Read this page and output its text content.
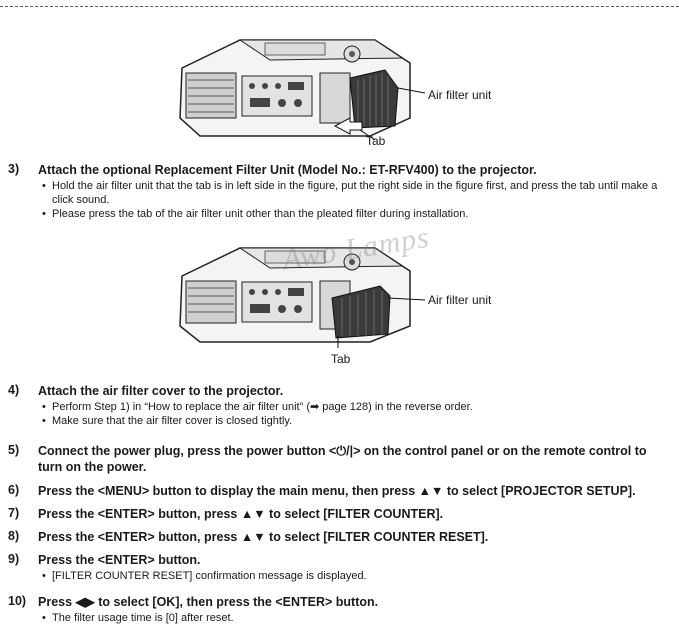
Air filter unit
Tab
3) Attach the optional Replacement Filter Unit (Model No.: ET-RFV400) to the projector.
• Hold the air filter unit that the tab is in left side in the figure, put the right side in the figure first, and press the tab until make a click sound.
• Please press the tab of the air filter unit other than the pleated filter during installation.
Air filter unit
Tab
Awo Lamps
4) Attach the air filter cover to the projector.
• Perform Step 1) in “How to replace the air filter unit” (➡ page 128) in the reverse order.
• Make sure that the air filter cover is closed tightly.
5) Connect the power plug, press the power button <⏻/|> on the control panel or on the remote control to turn on the power.
6) Press the <MENU> button to display the main menu, then press ▲▼ to select [PROJECTOR SETUP].
7) Press the <ENTER> button, press ▲▼ to select [FILTER COUNTER].
8) Press the <ENTER> button, press ▲▼ to select [FILTER COUNTER RESET].
9) Press the <ENTER> button.
• [FILTER COUNTER RESET] confirmation message is displayed.
10) Press ◀▶ to select [OK], then press the <ENTER> button.
• The filter usage time is [0] after reset.
